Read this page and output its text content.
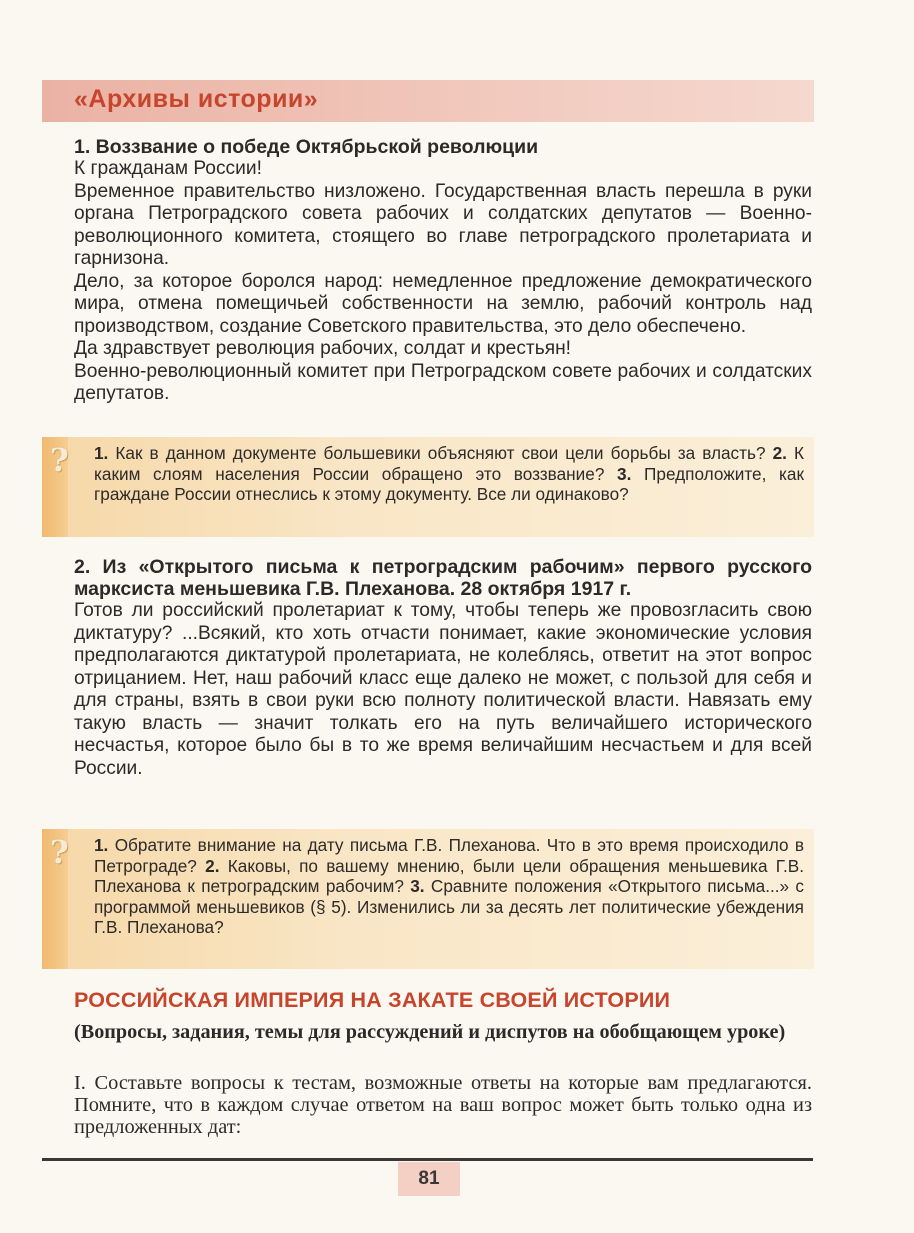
«Архивы истории»

1. Воззвание о победе Октябрьской революции

К гражданам России!

Временное правительство низложено. Государственная власть перешла в руки органа Петроградского совета рабочих и солдатских депутатов — Военно-революционного комитета, стоящего во главе петроградского пролетариата и гарнизона.

Дело, за которое боролся народ: немедленное предложение демократического мира, отмена помещичьей собственности на землю, рабочий контроль над производством, создание Советского правительства, это дело обеспечено.

Да здравствует революция рабочих, солдат и крестьян!

Военно-революционный комитет при Петроградском совете рабочих и солдатских депутатов.

? 1. Как в данном документе большевики объясняют свои цели борьбы за власть? 2. К каким слоям населения России обращено это воззвание? 3. Предположите, как граждане России отнеслись к этому документу. Все ли одинаково?

2. Из «Открытого письма к петроградским рабочим» первого русского марксиста меньшевика Г.В. Плеханова. 28 октября 1917 г.

Готов ли российский пролетариат к тому, чтобы теперь же провозгласить свою диктатуру? ...Всякий, кто хоть отчасти понимает, какие экономические условия предполагаются диктатурой пролетариата, не колеблясь, ответит на этот вопрос отрицанием. Нет, наш рабочий класс еще далеко не может, с пользой для себя и для страны, взять в свои руки всю полноту политической власти. Навязать ему такую власть — значит толкать его на путь величайшего исторического несчастья, которое было бы в то же время величайшим несчастьем и для всей России.

? 1. Обратите внимание на дату письма Г.В. Плеханова. Что в это время происходило в Петрограде? 2. Каковы, по вашему мнению, были цели обращения меньшевика Г.В. Плеханова к петроградским рабочим? 3. Сравните положения «Открытого письма...» с программой меньшевиков (§ 5). Изменились ли за десять лет политические убеждения Г.В. Плеханова?
РОССИЙСКАЯ ИМПЕРИЯ НА ЗАКАТЕ СВОЕЙ ИСТОРИИ
(Вопросы, задания, темы для рассуждений и диспутов на обобщающем уроке)
I. Составьте вопросы к тестам, возможные ответы на которые вам предлагаются. Помните, что в каждом случае ответом на ваш вопрос может быть только одна из предложенных дат:
81
